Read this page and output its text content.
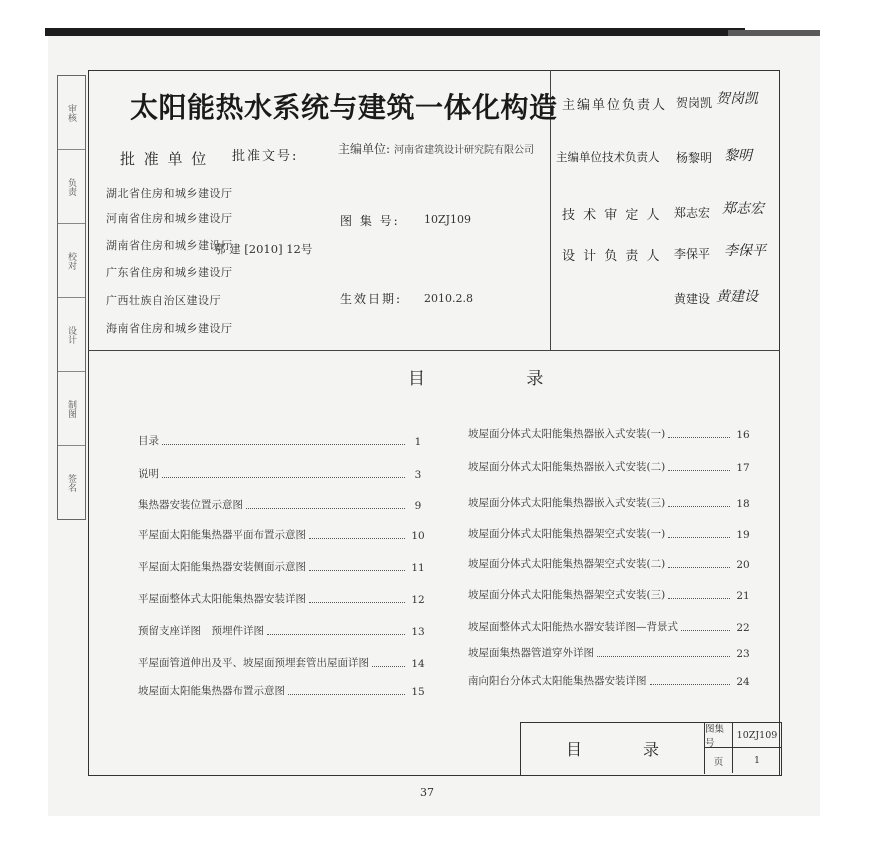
审核
负责
校对
设计
制图
签名
太阳能热水系统与建筑一体化构造
批 准 单 位 批准文号:	主编单位: 河南省建筑设计研究院有限公司
湖北省住房和城乡建设厅
河南省住房和城乡建设厅
湖南省住房和城乡建设厅
广东省住房和城乡建设厅
广西壮族自治区建设厅
海南省住房和城乡建设厅
鄂 建 [2010] 12号
图 集 号: 10ZJ109
生效日期: 2010.2.8
主编单位负责人 贺岗凯 贺岗凯
主编单位技术负责人 杨黎明 黎明
技 术 审 定 人 郑志宏 郑志宏
设 计 负 责 人 李保平 李保平
黄建设 黄建设
目 录
目录	1
说明	3
集热器安装位置示意图	9
平屋面太阳能集热器平面布置示意图	10
平屋面太阳能集热器安装侧面示意图	11
平屋面整体式太阳能集热器安装详图	12
预留支座详图　预埋件详图	13
平屋面管道伸出及平、坡屋面预埋套管出屋面详图	14
坡屋面太阳能集热器布置示意图	15
坡屋面分体式太阳能集热器嵌入式安装(一)	16
坡屋面分体式太阳能集热器嵌入式安装(二)	17
坡屋面分体式太阳能集热器嵌入式安装(三)	18
坡屋面分体式太阳能集热器架空式安装(一)	19
坡屋面分体式太阳能集热器架空式安装(二)	20
坡屋面分体式太阳能集热器架空式安装(三)	21
坡屋面整体式太阳能热水器安装详图—背景式	22
坡屋面集热器管道穿外详图	23
南向阳台分体式太阳能集热器安装详图	24
目 录
图集号
10ZJ109
页	1
37
